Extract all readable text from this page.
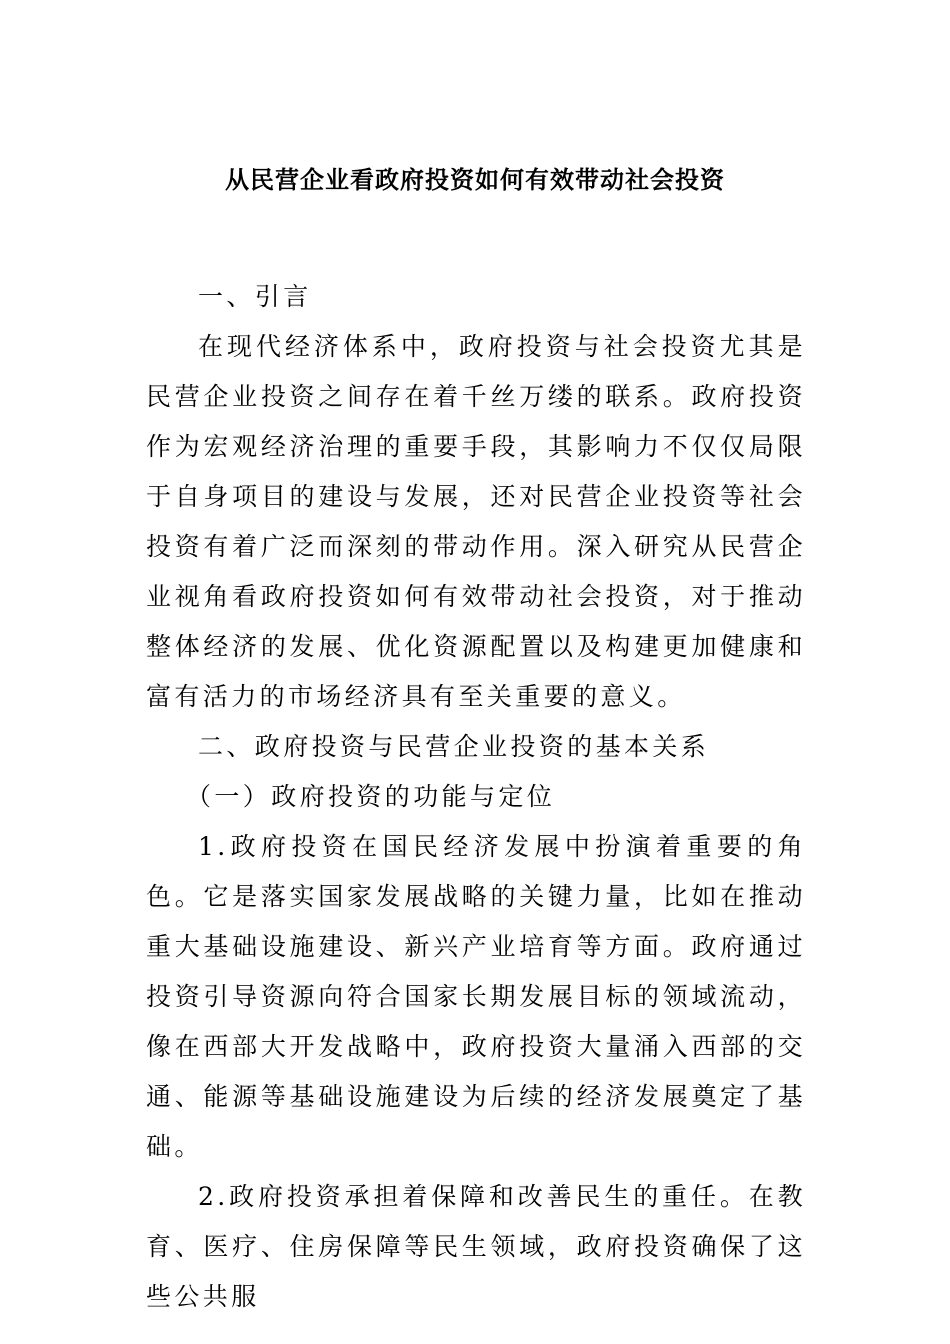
从民营企业看政府投资如何有效带动社会投资

一、引言

在现代经济体系中，政府投资与社会投资尤其是民营企业投资之间存在着千丝万缕的联系。政府投资作为宏观经济治理的重要手段，其影响力不仅仅局限于自身项目的建设与发展，还对民营企业投资等社会投资有着广泛而深刻的带动作用。深入研究从民营企业视角看政府投资如何有效带动社会投资，对于推动整体经济的发展、优化资源配置以及构建更加健康和富有活力的市场经济具有至关重要的意义。

二、政府投资与民营企业投资的基本关系

（一）政府投资的功能与定位

1.政府投资在国民经济发展中扮演着重要的角色。它是落实国家发展战略的关键力量，比如在推动重大基础设施建设、新兴产业培育等方面。政府通过投资引导资源向符合国家长期发展目标的领域流动，像在西部大开发战略中，政府投资大量涌入西部的交通、能源等基础设施建设为后续的经济发展奠定了基础。

2.政府投资承担着保障和改善民生的重任。在教育、医疗、住房保障等民生领域，政府投资确保了这些公共服
